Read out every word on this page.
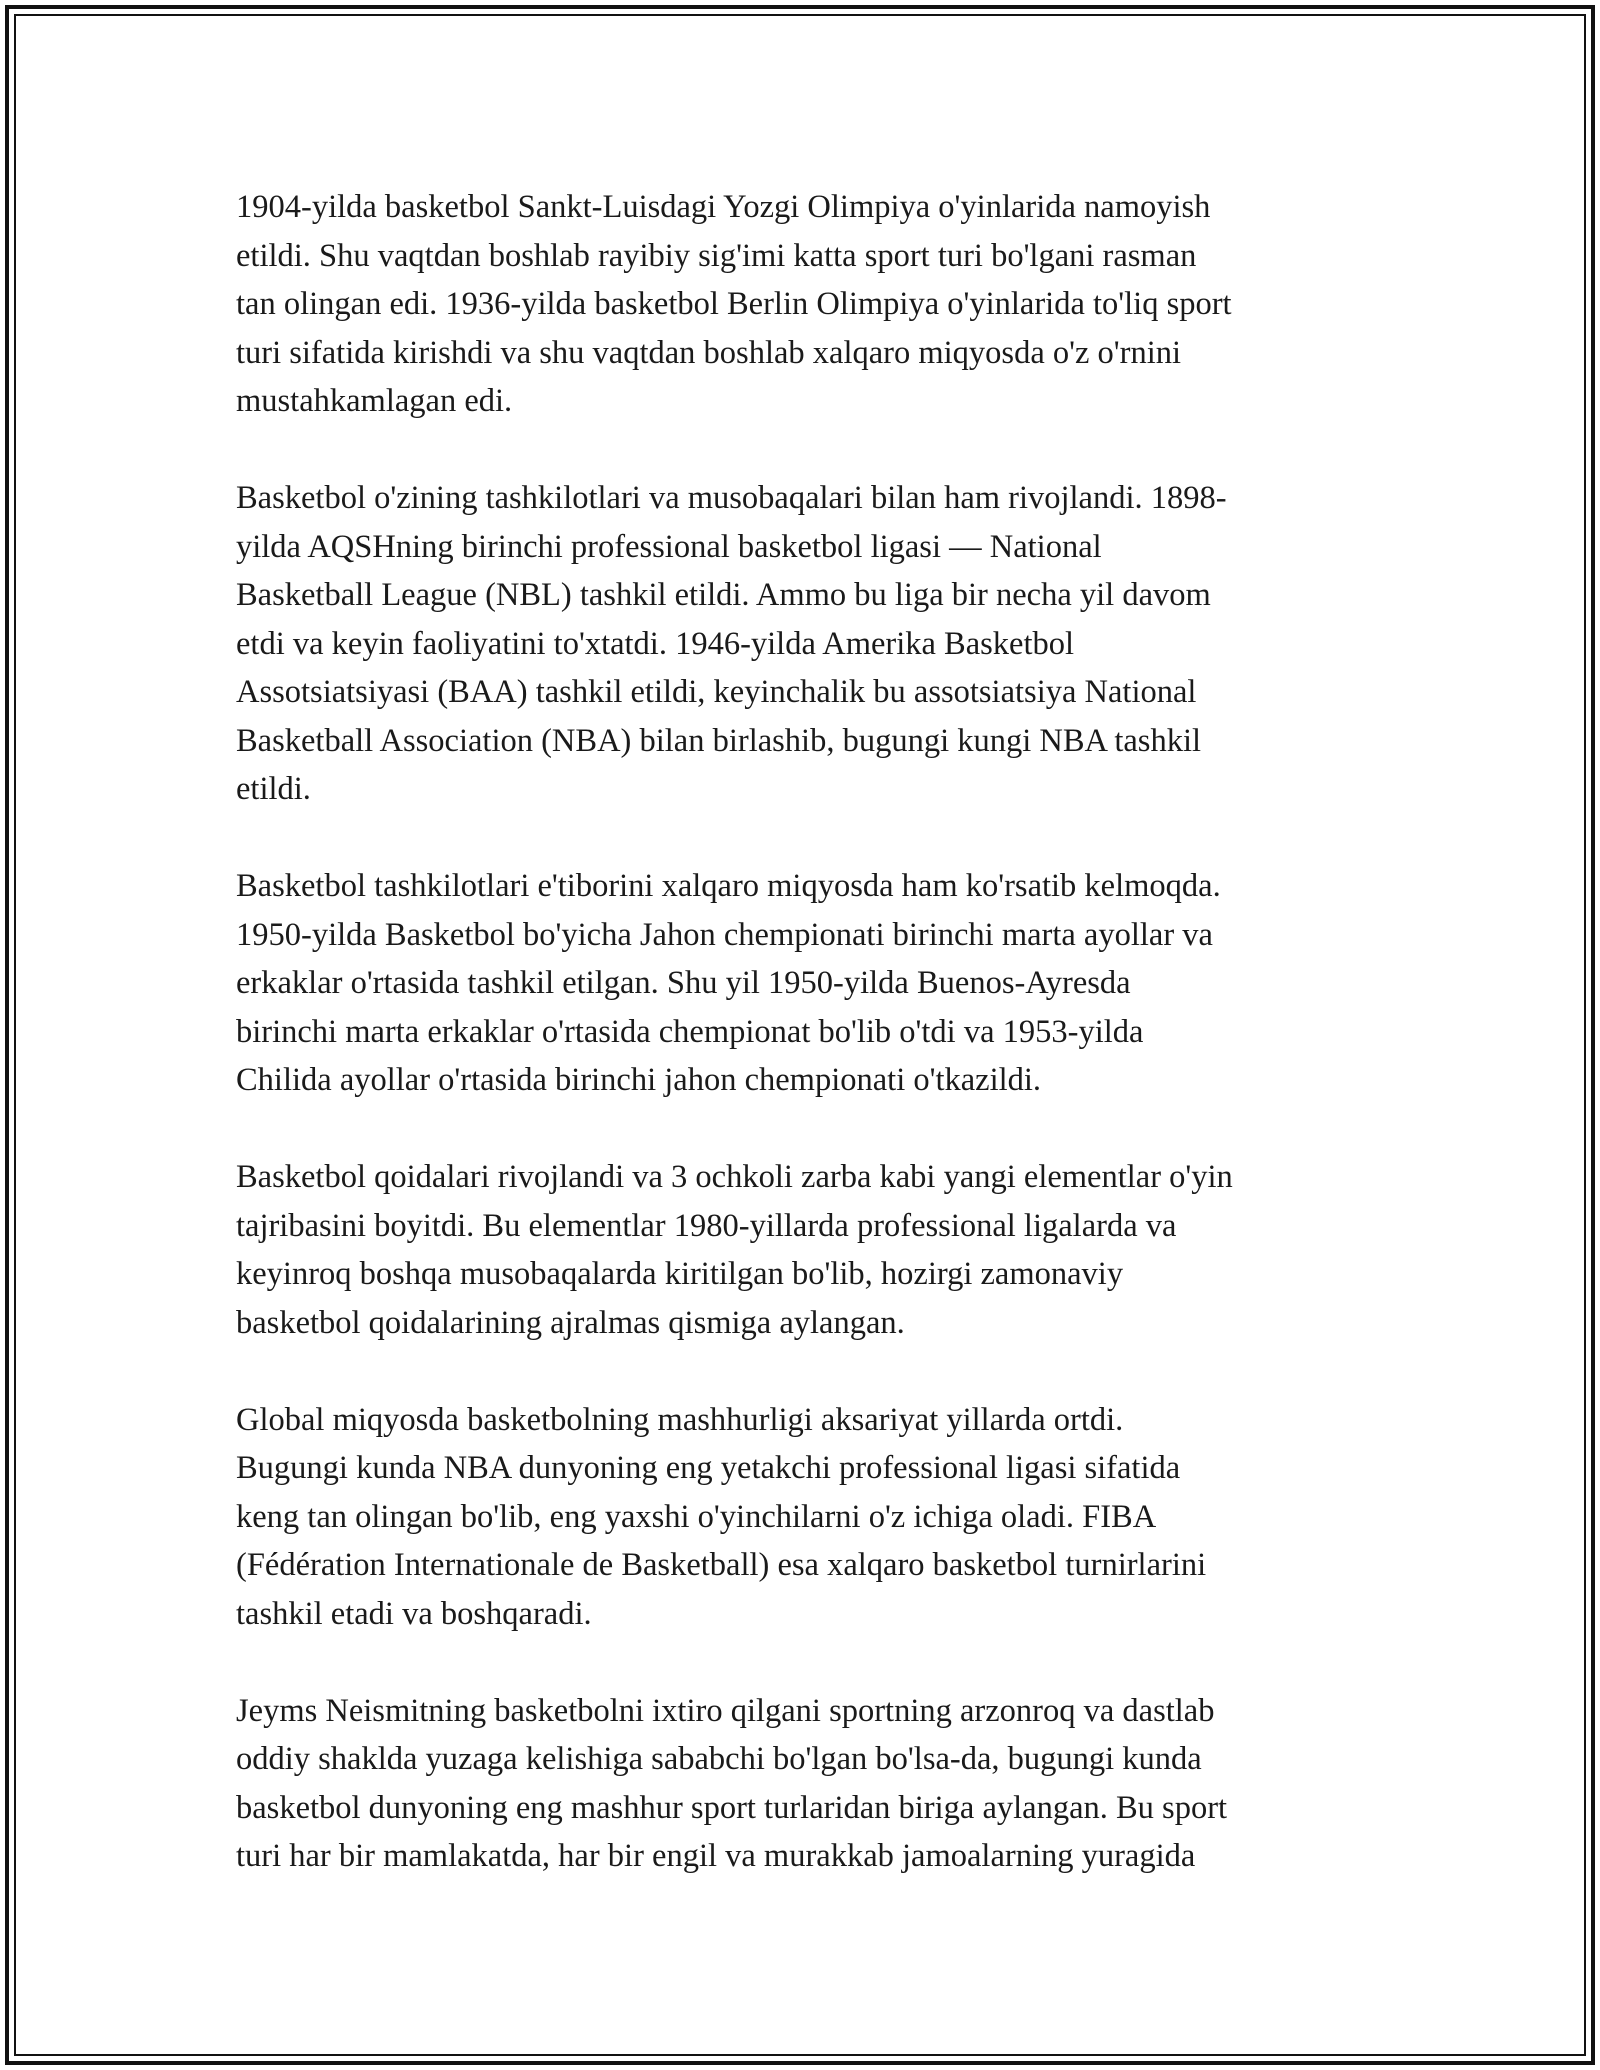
1904-yilda basketbol Sankt-Luisdagi Yozgi Olimpiya o'yinlarida namoyish
etildi. Shu vaqtdan boshlab rayibiy sig'imi katta sport turi bo'lgani rasman
tan olingan edi. 1936-yilda basketbol Berlin Olimpiya o'yinlarida to'liq sport
turi sifatida kirishdi va shu vaqtdan boshlab xalqaro miqyosda o'z o'rnini
mustahkamlagan edi.

Basketbol o'zining tashkilotlari va musobaqalari bilan ham rivojlandi. 1898-
yilda AQSHning birinchi professional basketbol ligasi — National
Basketball League (NBL) tashkil etildi. Ammo bu liga bir necha yil davom
etdi va keyin faoliyatini to'xtatdi. 1946-yilda Amerika Basketbol
Assotsiatsiyasi (BAA) tashkil etildi, keyinchalik bu assotsiatsiya National
Basketball Association (NBA) bilan birlashib, bugungi kungi NBA tashkil
etildi.

Basketbol tashkilotlari e'tiborini xalqaro miqyosda ham ko'rsatib kelmoqda.
1950-yilda Basketbol bo'yicha Jahon chempionati birinchi marta ayollar va
erkaklar o'rtasida tashkil etilgan. Shu yil 1950-yilda Buenos-Ayresda
birinchi marta erkaklar o'rtasida chempionat bo'lib o'tdi va 1953-yilda
Chilida ayollar o'rtasida birinchi jahon chempionati o'tkazildi.

Basketbol qoidalari rivojlandi va 3 ochkoli zarba kabi yangi elementlar o'yin
tajribasini boyitdi. Bu elementlar 1980-yillarda professional ligalarda va
keyinroq boshqa musobaqalarda kiritilgan bo'lib, hozirgi zamonaviy
basketbol qoidalarining ajralmas qismiga aylangan.

Global miqyosda basketbolning mashhurligi aksariyat yillarda ortdi.
Bugungi kunda NBA dunyoning eng yetakchi professional ligasi sifatida
keng tan olingan bo'lib, eng yaxshi o'yinchilarni o'z ichiga oladi. FIBA
(Fédération Internationale de Basketball) esa xalqaro basketbol turnirlarini
tashkil etadi va boshqaradi.

Jeyms Neismitning basketbolni ixtiro qilgani sportning arzonroq va dastlab
oddiy shaklda yuzaga kelishiga sababchi bo'lgan bo'lsa-da, bugungi kunda
basketbol dunyoning eng mashhur sport turlaridan biriga aylangan. Bu sport
turi har bir mamlakatda, har bir engil va murakkab jamoalarning yuragida
